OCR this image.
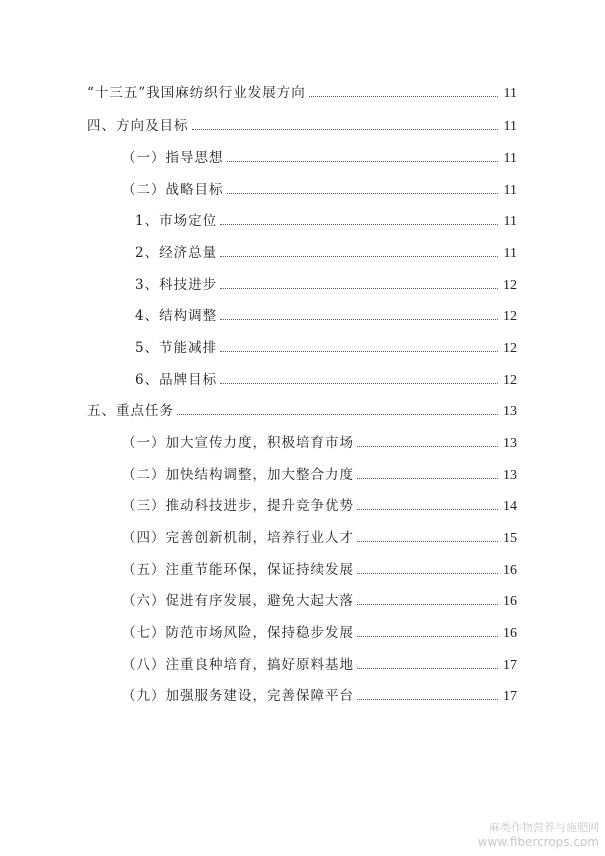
“十三五”我国麻纺织行业发展方向	11
四、方向及目标	11
（一）指导思想	11
（二）战略目标	11
1、市场定位	11
2、经济总量	11
3、科技进步	12
4、结构调整	12
5、节能减排	12
6、品牌目标	12
五、重点任务	13
（一）加大宣传力度，积极培育市场	13
（二）加快结构调整，加大整合力度	13
（三）推动科技进步，提升竞争优势	14
（四）完善创新机制，培养行业人才	15
（五）注重节能环保，保证持续发展	16
（六）促进有序发展，避免大起大落	16
（七）防范市场风险，保持稳步发展	16
（八）注重良种培育，搞好原料基地	17
（九）加强服务建设，完善保障平台	17
麻类作物营养与施肥网
www.fibercrops.com
